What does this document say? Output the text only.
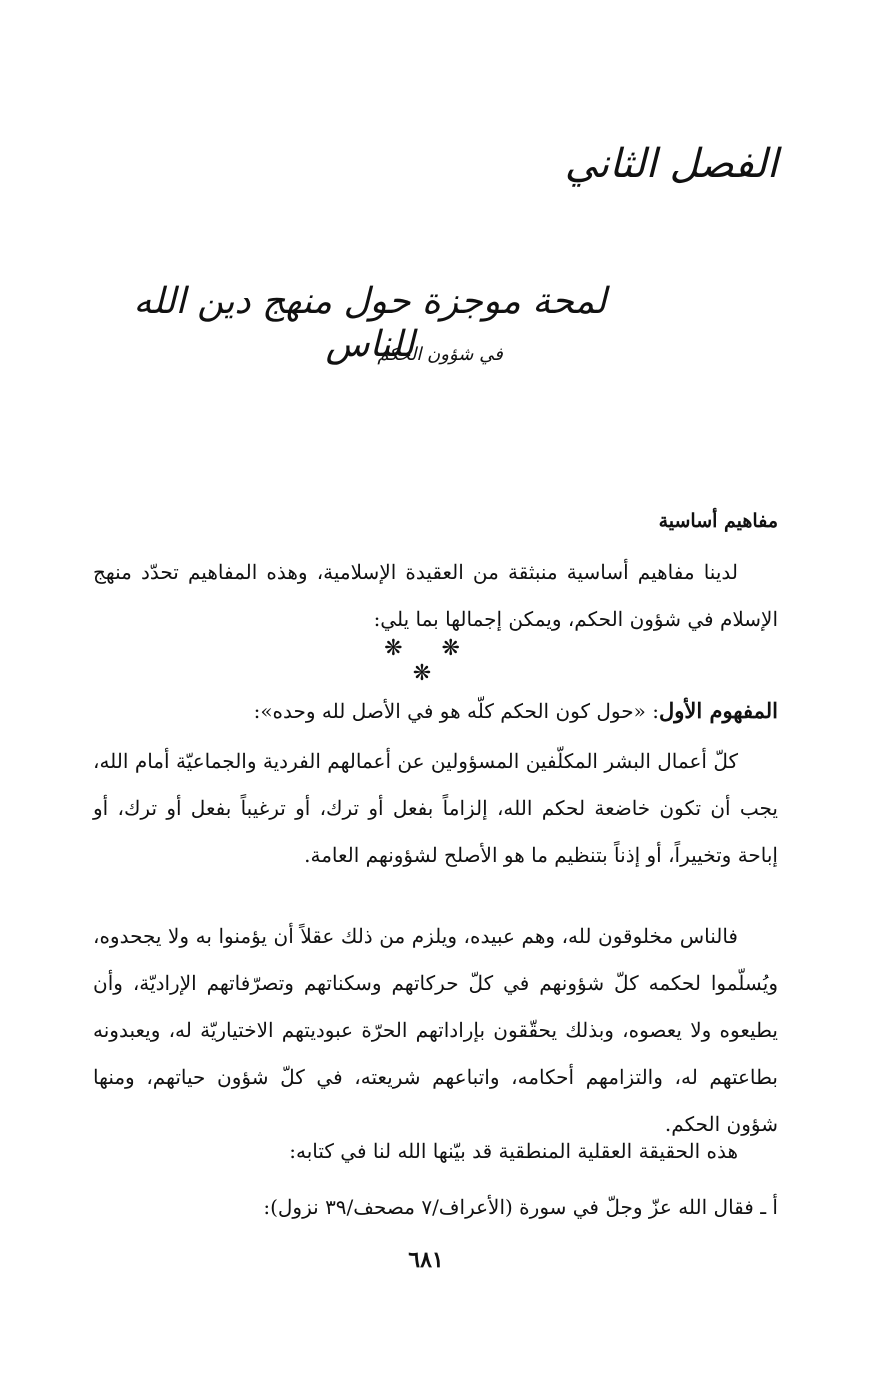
الفصل الثاني
لمحة موجزة حول منهج دين الله للناس
في شؤون الحكم
مفاهيم أساسية

لدينا مفاهيم أساسية منبثقة من العقيدة الإسلامية، وهذه المفاهيم تحدّد منهج الإسلام في شؤون الحكم، ويمكن إجمالها بما يلي:

❋ ❋ ❋
المفهوم الأول: «حول كون الحكم كلّه هو في الأصل لله وحده»:

كلّ أعمال البشر المكلّفين المسؤولين عن أعمالهم الفردية والجماعيّة أمام الله، يجب أن تكون خاضعة لحكم الله، إلزاماً بفعل أو ترك، أو ترغيباً بفعل أو ترك، أو إباحة وتخييراً، أو إذناً بتنظيم ما هو الأصلح لشؤونهم العامة.

فالناس مخلوقون لله، وهم عبيده، ويلزم من ذلك عقلاً أن يؤمنوا به ولا يجحدوه، ويُسلّموا لحكمه كلّ شؤونهم في كلّ حركاتهم وسكناتهم وتصرّفاتهم الإراديّة، وأن يطيعوه ولا يعصوه، وبذلك يحقّقون بإراداتهم الحرّة عبوديتهم الاختياريّة له، ويعبدونه بطاعتهم له، والتزامهم أحكامه، واتباعهم شريعته، في كلّ شؤون حياتهم، ومنها شؤون الحكم.

هذه الحقيقة العقلية المنطقية قد بيّنها الله لنا في كتابه:
أ ـ فقال الله عزّ وجلّ في سورة (الأعراف/٧ مصحف/٣٩ نزول):
٦٨١
